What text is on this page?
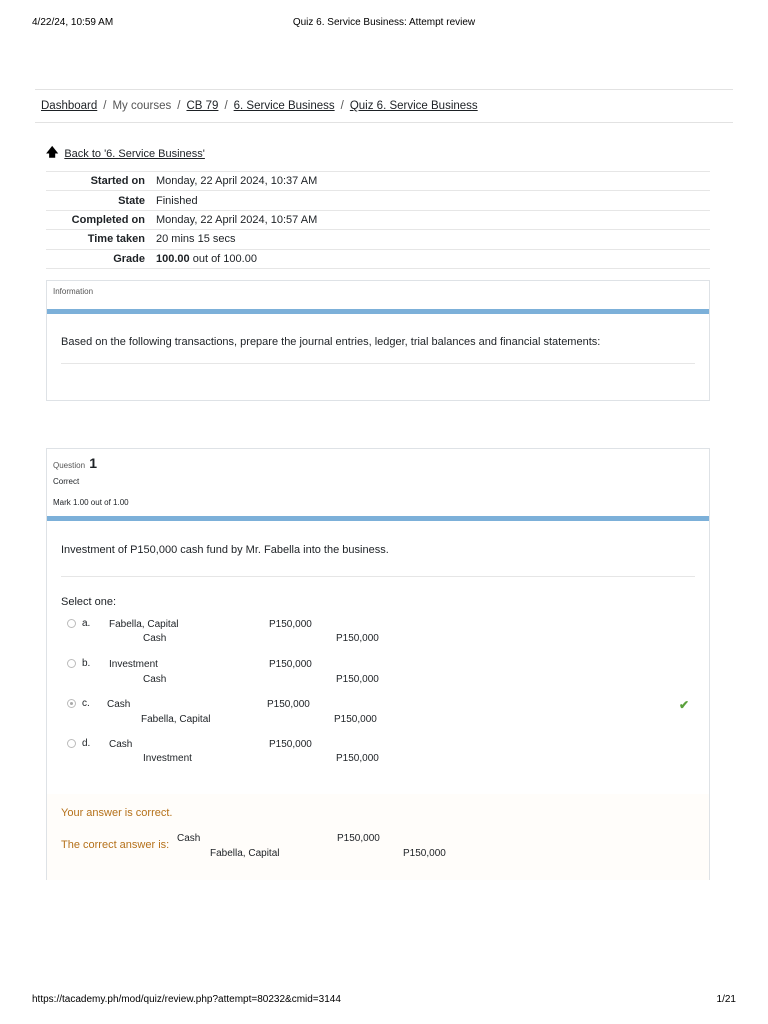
4/22/24, 10:59 AM	Quiz 6. Service Business: Attempt review
Dashboard / My courses / CB 79 / 6. Service Business / Quiz 6. Service Business
🡅 Back to '6. Service Business'
Started on	Monday, 22 April 2024, 10:37 AM
State	Finished
Completed on	Monday, 22 April 2024, 10:57 AM
Time taken	20 mins 15 secs
Grade	100.00 out of 100.00
Information
Based on the following transactions, prepare the journal entries, ledger, trial balances and financial statements:
Question 1
Correct
Mark 1.00 out of 1.00
Investment of P150,000 cash fund by Mr. Fabella into the business.
Select one:
a. Fabella, Capital	P150,000
Cash	P150,000
b. Investment	P150,000
Cash	P150,000
c. Cash	P150,000
Fabella, Capital	P150,000
✔
d. Cash	P150,000
Investment	P150,000
Your answer is correct.
The correct answer is:
Cash	P150,000
Fabella, Capital	P150,000
https://tacademy.ph/mod/quiz/review.php?attempt=80232&cmid=3144	1/21
